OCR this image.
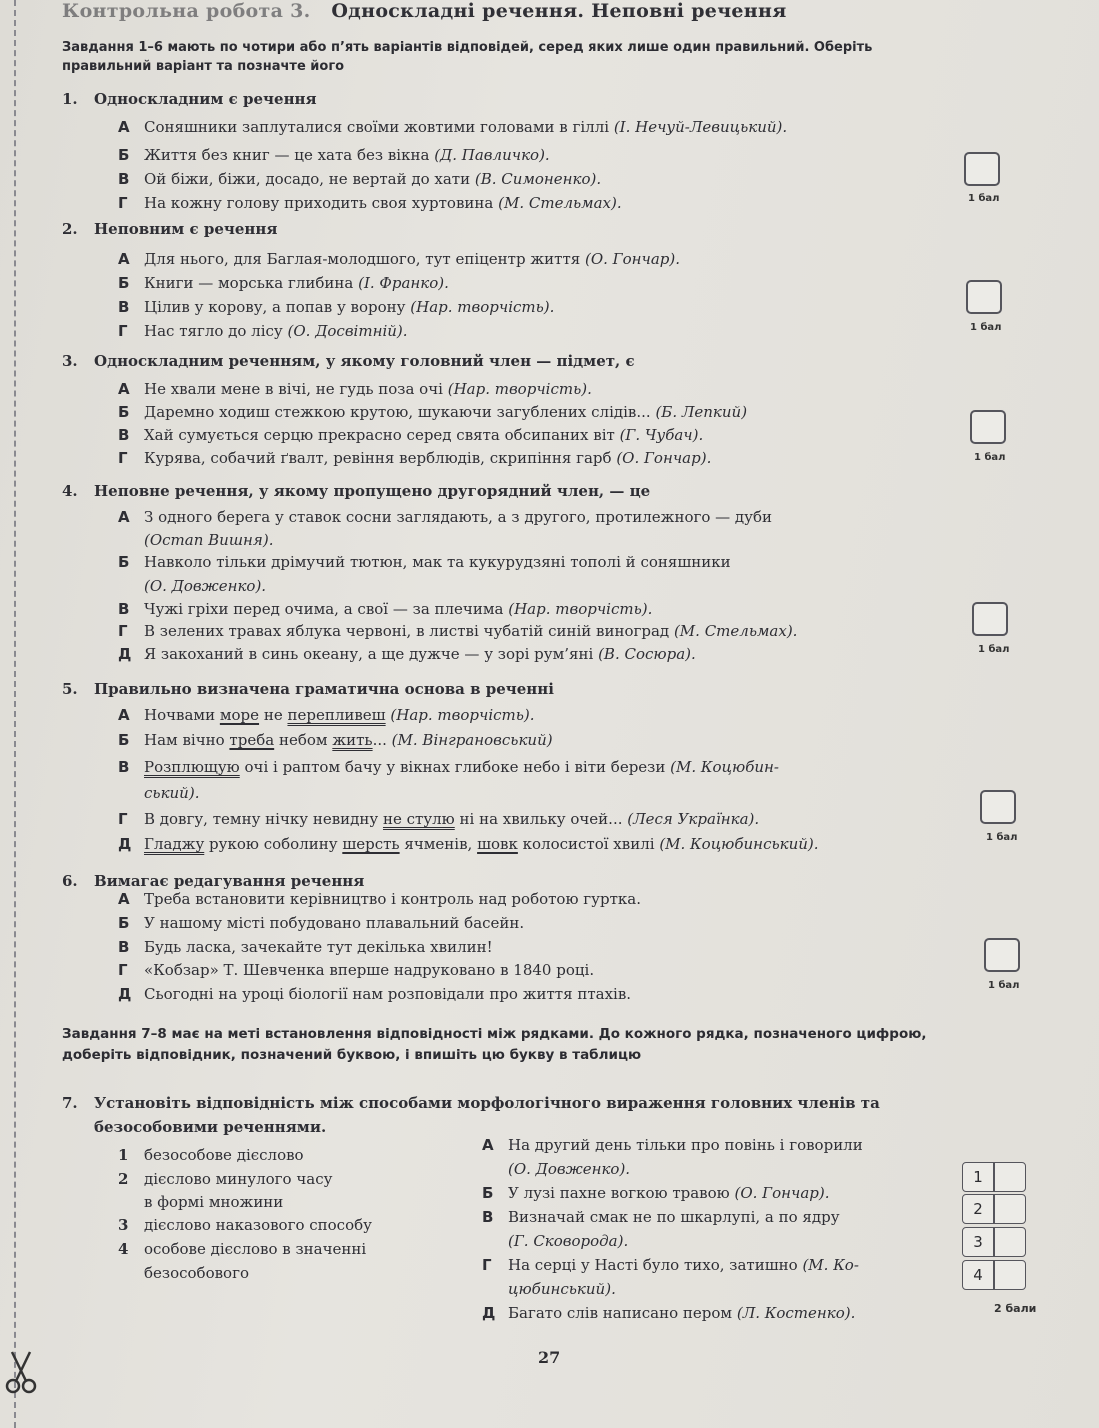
Контрольна робота 3. Односкладні речення. Неповні речення
Завдання 1–6 мають по чотири або п’ять варіантів відповідей, серед яких лише один правильний. Оберіть правильний варіант та позначте його
1. Односкладним є речення
А Соняшники заплуталися своїми жовтими головами в гіллі (І. Нечуй-Левицький).
Б Життя без книг — це хата без вікна (Д. Павличко).
В Ой біжи, біжи, досадо, не вертай до хати (В. Симоненко).
Г На кожну голову приходить своя хуртовина (М. Стельмах).	1 бал
2. Неповним є речення
А Для нього, для Баглая-молодшого, тут епіцентр життя (О. Гончар).
Б Книги — морська глибина (І. Франко).
В Цілив у корову, а попав у ворону (Нар. творчість).
Г Нас тягло до лісу (О. Досвітній).	1 бал
3. Односкладним реченням, у якому головний член — підмет, є
А Не хвали мене в вічі, не гудь поза очі (Нар. творчість).
Б Даремно ходиш стежкою крутою, шукаючи загублених слідів... (Б. Лепкий)
В Хай сумується серцю прекрасно серед свята обсипаних віт (Г. Чубач).
Г Курява, собачий ґвалт, ревіння верблюдів, скрипіння гарб (О. Гончар).	1 бал
4. Неповне речення, у якому пропущено другорядний член, — це
А З одного берега у ставок сосни заглядають, а з другого, протилежного — дуби
(Остап Вишня).
Б Навколо тільки дрімучий тютюн, мак та кукурудзяні тополі й соняшники
(О. Довженко).
В Чужі гріхи перед очима, а свої — за плечима (Нар. творчість).
Г В зелених травах яблука червоні, в листві чубатій синій виноград (М. Стельмах).
Д Я закоханий в синь океану, а ще дужче — у зорі рум’яні (В. Сосюра).	1 бал
5. Правильно визначена граматична основа в реченні
А Ночвами море не перепливеш (Нар. творчість).
Б Нам вічно треба небом жить... (М. Вінграновський)
В Розплющую очі і раптом бачу у вікнах глибоке небо і віти берези (М. Коцюбин-
ський).
Г В довгу, темну нічку невидну не стулю ні на хвильку очей... (Леся Українка).
Д Гладжу рукою соболину шерсть ячменів, шовк колосистої хвилі (М. Коцюбинський).	1 бал
6. Вимагає редагування речення
А Треба встановити керівництво і контроль над роботою гуртка.
Б У нашому місті побудовано плавальний басейн.
В Будь ласка, зачекайте тут декілька хвилин!
Г «Кобзар» Т. Шевченка вперше надруковано в 1840 році.
Д Сьогодні на уроці біології нам розповідали про життя птахів.	1 бал
Завдання 7–8 має на меті встановлення відповідності між рядками. До кожного рядка, позначеного цифрою, доберіть відповідник, позначений буквою, і впишіть цю букву в таблицю
7. Установіть відповідність між способами морфологічного вираження головних членів та
безособовими реченнями.
1 безособове дієслово
2 дієслово минулого часу
в формі множини
3 дієслово наказового способу
4 особове дієслово в значенні
безособового
А На другий день тільки про повінь і говорили
(О. Довженко).
Б У лузі пахне вогкою травою (О. Гончар).
В Визначай смак не по шкарлупі, а по ядру
(Г. Сковорода).
Г На серці у Насті було тихо, затишно (М. Ко-
цюбинський).
Д Багато слів написано пером (Л. Костенко).
1
2
3
4
2 бали
27
